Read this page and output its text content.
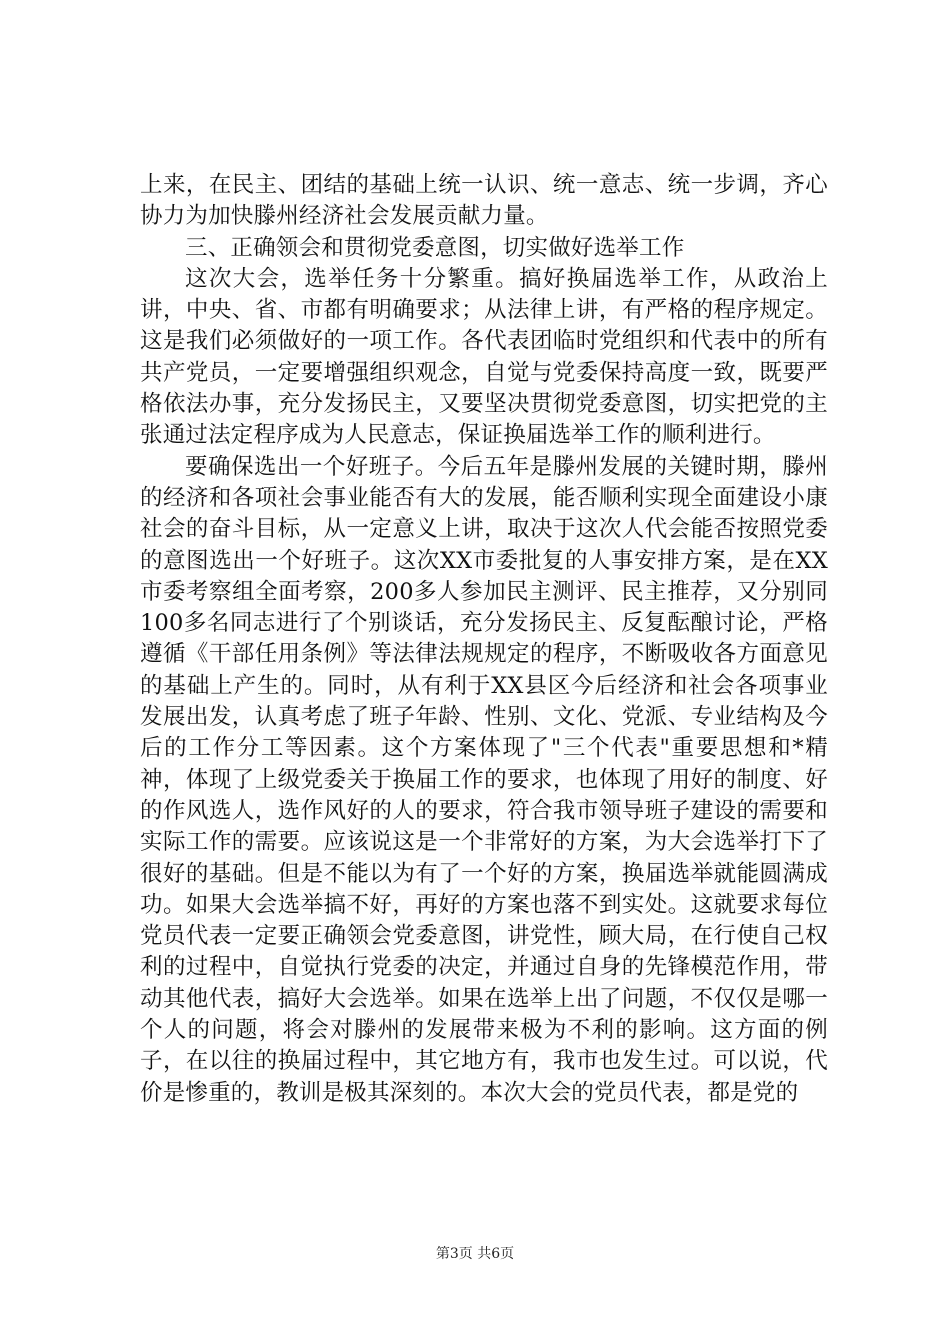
上来，在民主、团结的基础上统一认识、统一意志、统一步调，齐心协力为加快滕州经济社会发展贡献力量。

三、正确领会和贯彻党委意图，切实做好选举工作

这次大会，选举任务十分繁重。搞好换届选举工作，从政治上讲，中央、省、市都有明确要求；从法律上讲，有严格的程序规定。这是我们必须做好的一项工作。各代表团临时党组织和代表中的所有共产党员，一定要增强组织观念，自觉与党委保持高度一致，既要严格依法办事，充分发扬民主，又要坚决贯彻党委意图，切实把党的主张通过法定程序成为人民意志，保证换届选举工作的顺利进行。

要确保选出一个好班子。今后五年是滕州发展的关键时期，滕州的经济和各项社会事业能否有大的发展，能否顺利实现全面建设小康社会的奋斗目标，从一定意义上讲，取决于这次人代会能否按照党委的意图选出一个好班子。这次XX市委批复的人事安排方案，是在XX市委考察组全面考察，200多人参加民主测评、民主推荐，又分别同100多名同志进行了个别谈话，充分发扬民主、反复酝酿讨论，严格遵循《干部任用条例》等法律法规规定的程序，不断吸收各方面意见的基础上产生的。同时，从有利于XX县区今后经济和社会各项事业发展出发，认真考虑了班子年龄、性别、文化、党派、专业结构及今后的工作分工等因素。这个方案体现了"三个代表"重要思想和*精神，体现了上级党委关于换届工作的要求，也体现了用好的制度、好的作风选人，选作风好的人的要求，符合我市领导班子建设的需要和实际工作的需要。应该说这是一个非常好的方案，为大会选举打下了很好的基础。但是不能以为有了一个好的方案，换届选举就能圆满成功。如果大会选举搞不好，再好的方案也落不到实处。这就要求每位党员代表一定要正确领会党委意图，讲党性，顾大局，在行使自己权利的过程中，自觉执行党委的决定，并通过自身的先锋模范作用，带动其他代表，搞好大会选举。如果在选举上出了问题，不仅仅是哪一个人的问题，将会对滕州的发展带来极为不利的影响。这方面的例子，在以往的换届过程中，其它地方有，我市也发生过。可以说，代价是惨重的，教训是极其深刻的。本次大会的党员代表，都是党的

第3页 共6页
